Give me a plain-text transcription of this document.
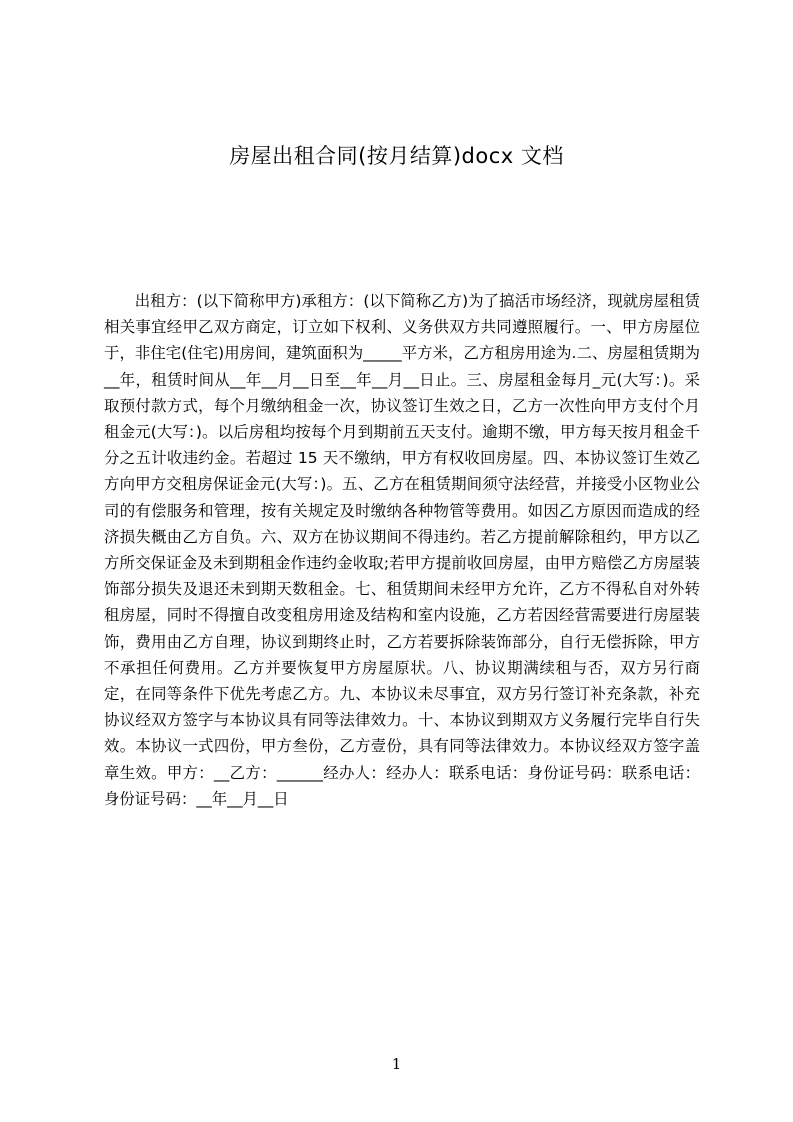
房屋出租合同(按月结算)docx 文档

出租方：(以下简称甲方)承租方：(以下简称乙方)为了搞活市场经济，现就房屋租赁相关事宜经甲乙双方商定，订立如下权利、义务供双方共同遵照履行。一、甲方房屋位于，非住宅(住宅)用房间，建筑面积为_____平方米，乙方租房用途为.二、房屋租赁期为__年，租赁时间从__年__月__日至__年__月__日止。三、房屋租金每月_元(大写：)。采取预付款方式，每个月缴纳租金一次，协议签订生效之日，乙方一次性向甲方支付个月租金元(大写：)。以后房租均按每个月到期前五天支付。逾期不缴，甲方每天按月租金千分之五计收违约金。若超过 15 天不缴纳，甲方有权收回房屋。四、本协议签订生效乙方向甲方交租房保证金元(大写：)。五、乙方在租赁期间须守法经营，并接受小区物业公司的有偿服务和管理，按有关规定及时缴纳各种物管等费用。如因乙方原因而造成的经济损失概由乙方自负。六、双方在协议期间不得违约。若乙方提前解除租约，甲方以乙方所交保证金及未到期租金作违约金收取;若甲方提前收回房屋，由甲方赔偿乙方房屋装饰部分损失及退还未到期天数租金。七、租赁期间未经甲方允许，乙方不得私自对外转租房屋，同时不得擅自改变租房用途及结构和室内设施，乙方若因经营需要进行房屋装饰，费用由乙方自理，协议到期终止时，乙方若要拆除装饰部分，自行无偿拆除，甲方不承担任何费用。乙方并要恢复甲方房屋原状。八、协议期满续租与否，双方另行商定，在同等条件下优先考虑乙方。九、本协议未尽事宜，双方另行签订补充条款，补充协议经双方签字与本协议具有同等法律效力。十、本协议到期双方义务履行完毕自行失效。本协议一式四份，甲方叁份，乙方壹份，具有同等法律效力。本协议经双方签字盖章生效。甲方：__乙方：______经办人：经办人：联系电话：身份证号码：联系电话：身份证号码：__年__月__日

1
